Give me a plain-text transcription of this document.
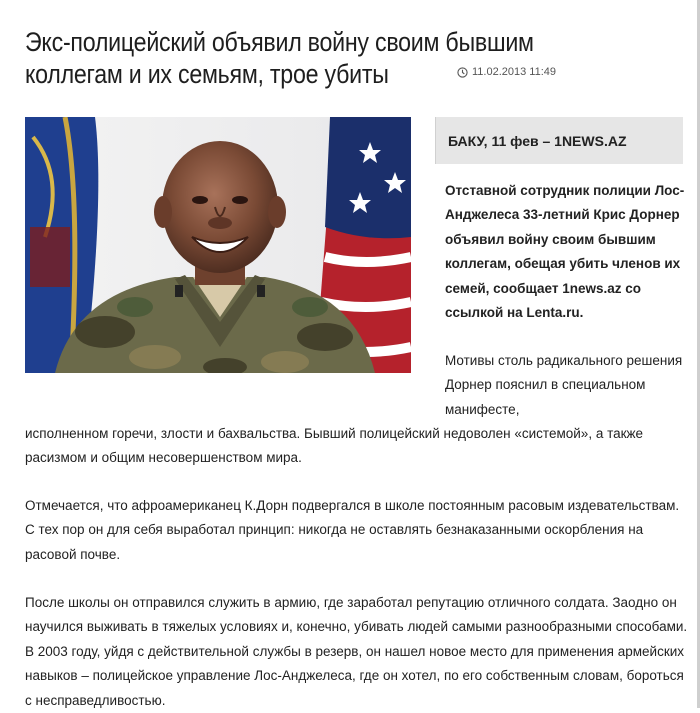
Экс-полицейский объявил войну своим бывшим коллегам и их семьям, трое убиты	11.02.2013 11:49
БАКУ, 11 фев – 1NEWS.AZ

Отставной сотрудник полиции Лос-Анджелеса 33-летний Крис Дорнер объявил войну своим бывшим коллегам, обещая убить членов их семей, сообщает 1news.az со ссылкой на Lenta.ru.

Мотивы столь радикального решения Дорнер пояснил в специальном манифесте,

исполненном горечи, злости и бахвальства. Бывший полицейский недоволен «системой», а также расизмом и общим несовершенством мира.

Отмечается, что афроамериканец К.Дорн подвергался в школе постоянным расовым издевательствам. С тех пор он для себя выработал принцип: никогда не оставлять безнаказанными оскорбления на расовой почве.

После школы он отправился служить в армию, где заработал репутацию отличного солдата. Заодно он научился выживать в тяжелых условиях и, конечно, убивать людей самыми разнообразными способами. В 2003 году, уйдя с действительной службы в резерв, он нашел новое место для применения армейских навыков – полицейское управление Лос-Анджелеса, где он хотел, по его собственным словам, бороться с несправедливостью.
